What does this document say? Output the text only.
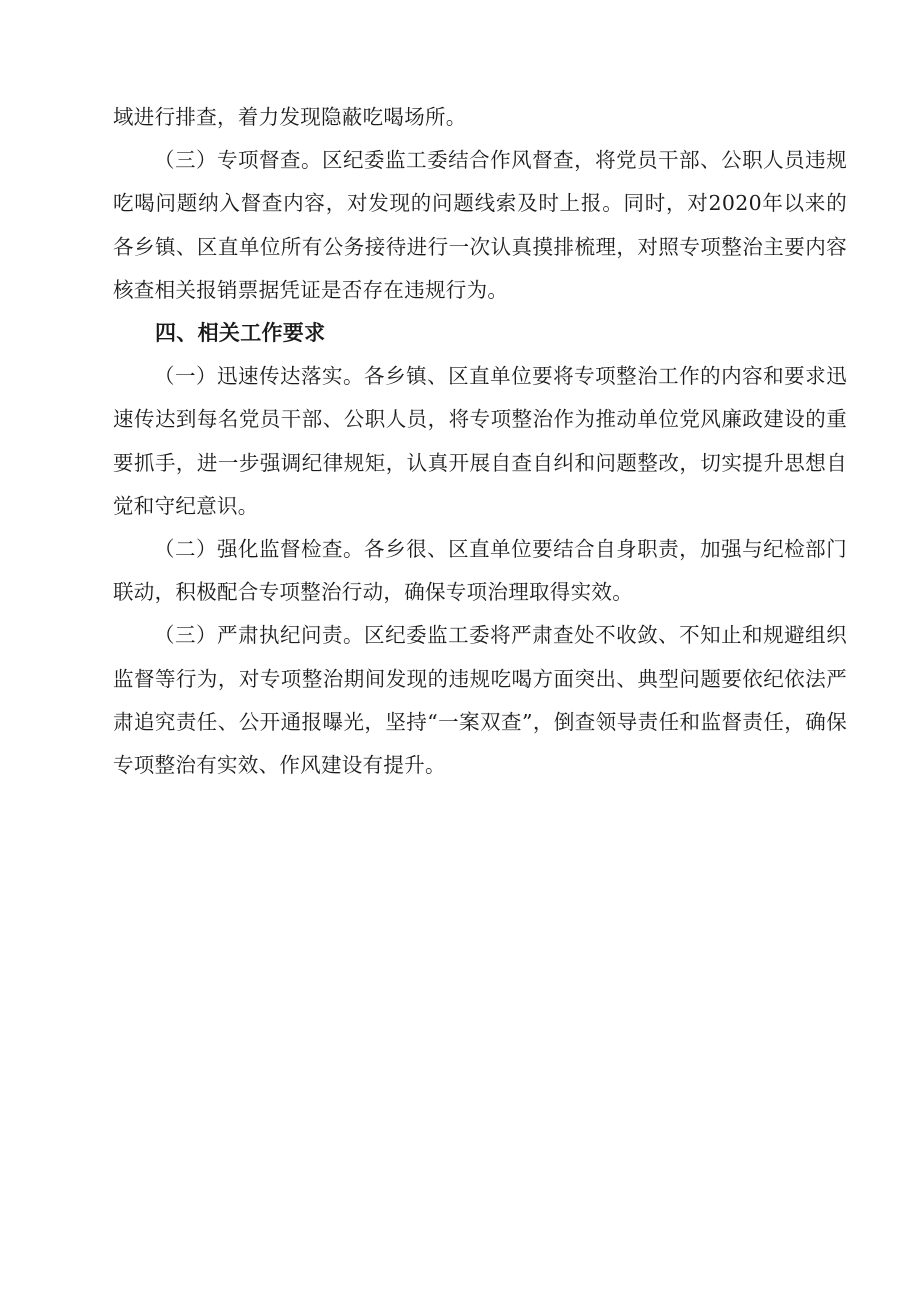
域进行排查，着力发现隐蔽吃喝场所。

（三）专项督查。区纪委监工委结合作风督查，将党员干部、公职人员违规吃喝问题纳入督查内容，对发现的问题线索及时上报。同时，对2020年以来的各乡镇、区直单位所有公务接待进行一次认真摸排梳理，对照专项整治主要内容核查相关报销票据凭证是否存在违规行为。

四、相关工作要求

（一）迅速传达落实。各乡镇、区直单位要将专项整治工作的内容和要求迅速传达到每名党员干部、公职人员，将专项整治作为推动单位党风廉政建设的重要抓手，进一步强调纪律规矩，认真开展自查自纠和问题整改，切实提升思想自觉和守纪意识。

（二）强化监督检查。各乡很、区直单位要结合自身职责，加强与纪检部门联动，积极配合专项整治行动，确保专项治理取得实效。

（三）严肃执纪问责。区纪委监工委将严肃查处不收敛、不知止和规避组织监督等行为，对专项整治期间发现的违规吃喝方面突出、典型问题要依纪依法严肃追究责任、公开通报曝光，坚持“一案双查”，倒查领导责任和监督责任，确保专项整治有实效、作风建设有提升。
